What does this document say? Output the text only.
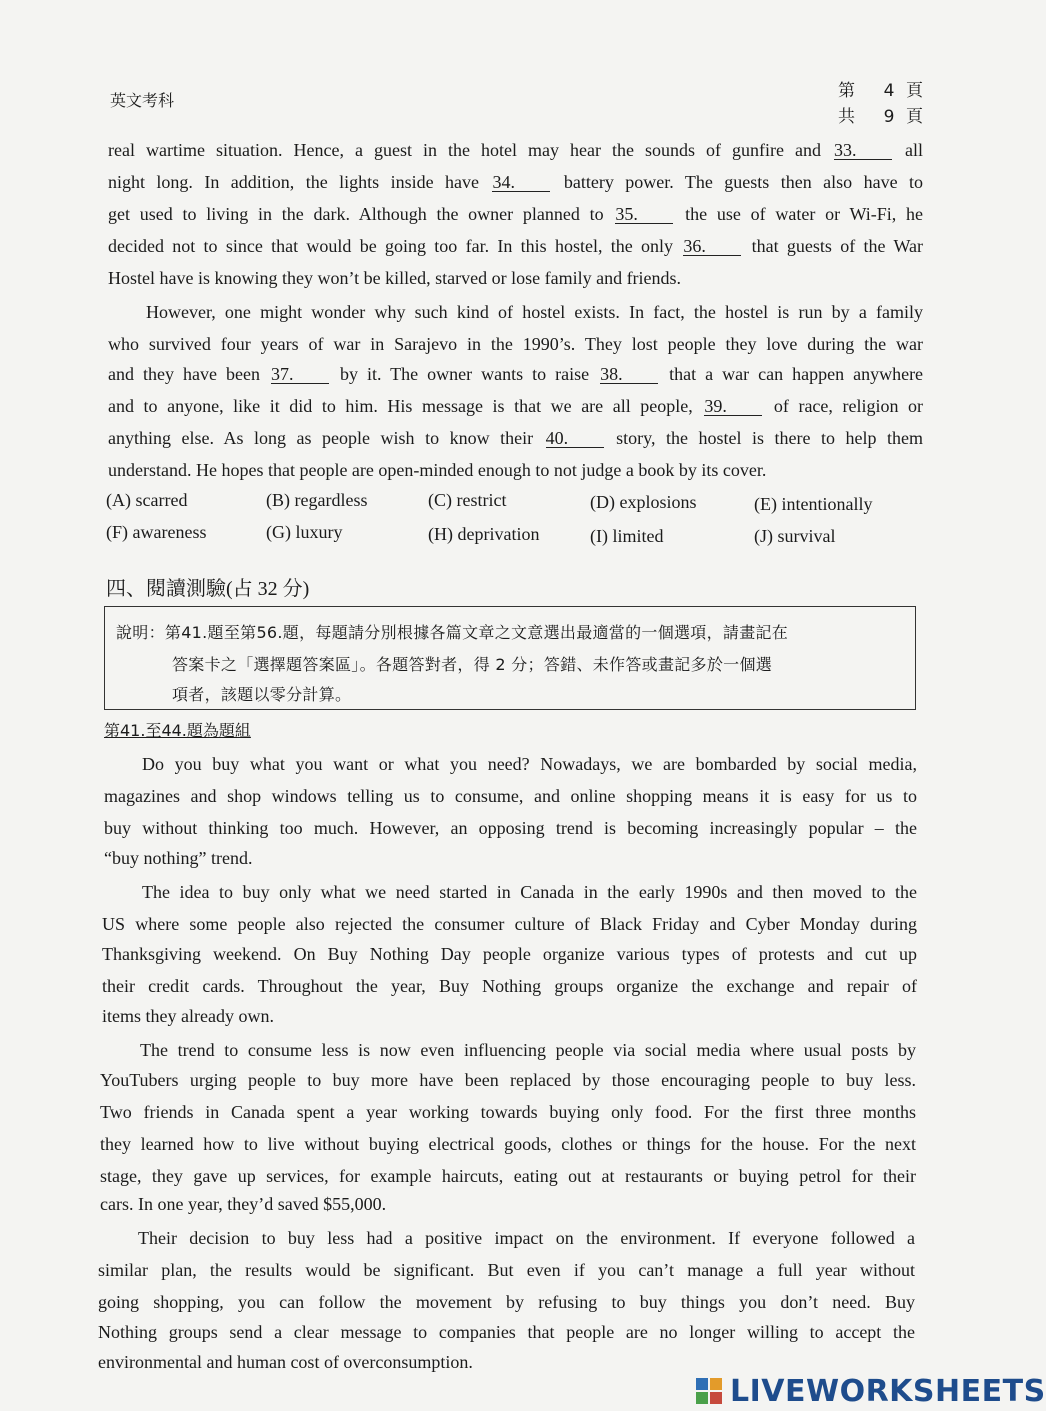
英文考科
第 4 頁
共 9 頁
real wartime situation. Hence, a guest in the hotel may hear the sounds of gunfire and 33.	all
night long. In addition, the lights inside have 34.	battery power. The guests then also have to
get used to living in the dark. Although the owner planned to 35.	the use of water or Wi-Fi, he
decided not to since that would be going too far. In this hostel, the only 36.	that guests of the War
Hostel have is knowing they won’t be killed, starved or lose family and friends.
However, one might wonder why such kind of hostel exists. In fact, the hostel is run by a family
who survived four years of war in Sarajevo in the 1990’s. They lost people they love during the war
and they have been 37.	by it. The owner wants to raise 38.	that a war can happen anywhere
and to anyone, like it did to him. His message is that we are all people, 39.	of race, religion or
anything else. As long as people wish to know their 40.	story, the hostel is there to help them
understand. He hopes that people are open-minded enough to not judge a book by its cover.
(A) scarred	(B) regardless	(C) restrict	(D) explosions	(E) intentionally
(F) awareness	(G) luxury	(H) deprivation	(I) limited	(J) survival
四、閱讀測驗(占 32 分)
說明：第41.題至第56.題，每題請分別根據各篇文章之文意選出最適當的一個選項，請畫記在
答案卡之「選擇題答案區」。各題答對者，得 2 分；答錯、未作答或畫記多於一個選
項者，該題以零分計算。
第41.至44.題為題組
Do you buy what you want or what you need? Nowadays, we are bombarded by social media,
magazines and shop windows telling us to consume, and online shopping means it is easy for us to
buy without thinking too much. However, an opposing trend is becoming increasingly popular – the
“buy nothing” trend.
The idea to buy only what we need started in Canada in the early 1990s and then moved to the
US where some people also rejected the consumer culture of Black Friday and Cyber Monday during
Thanksgiving weekend. On Buy Nothing Day people organize various types of protests and cut up
their credit cards. Throughout the year, Buy Nothing groups organize the exchange and repair of
items they already own.
The trend to consume less is now even influencing people via social media where usual posts by
YouTubers urging people to buy more have been replaced by those encouraging people to buy less.
Two friends in Canada spent a year working towards buying only food. For the first three months
they learned how to live without buying electrical goods, clothes or things for the house. For the next
stage, they gave up services, for example haircuts, eating out at restaurants or buying petrol for their
cars. In one year, they’d saved $55,000.
Their decision to buy less had a positive impact on the environment. If everyone followed a
similar plan, the results would be significant. But even if you can’t manage a full year without
going shopping, you can follow the movement by refusing to buy things you don’t need. Buy
Nothing groups send a clear message to companies that people are no longer willing to accept the
environmental and human cost of overconsumption.
LIVEWORKSHEETS
